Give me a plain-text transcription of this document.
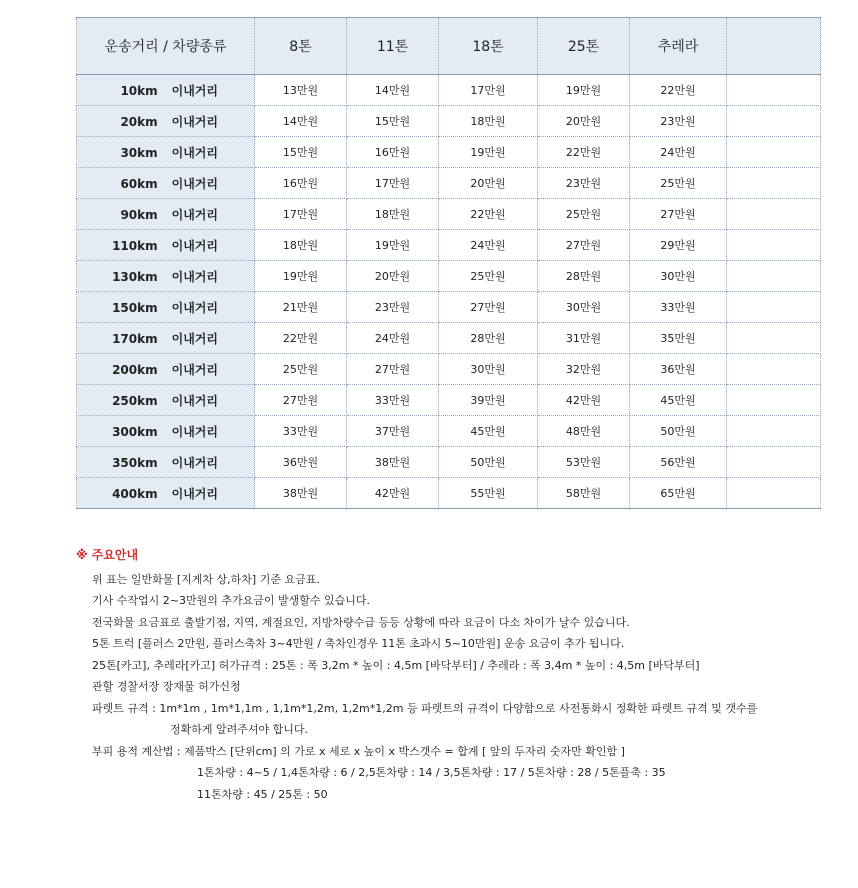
운송거리 / 차량종류	8톤	11톤	18톤	25톤	추레라	
10km 이내거리	13만원	14만원	17만원	19만원	22만원	
20km 이내거리	14만원	15만원	18만원	20만원	23만원	
30km 이내거리	15만원	16만원	19만원	22만원	24만원	
60km 이내거리	16만원	17만원	20만원	23만원	25만원	
90km 이내거리	17만원	18만원	22만원	25만원	27만원	
110km 이내거리	18만원	19만원	24만원	27만원	29만원	
130km 이내거리	19만원	20만원	25만원	28만원	30만원	
150km 이내거리	21만원	23만원	27만원	30만원	33만원	
170km 이내거리	22만원	24만원	28만원	31만원	35만원	
200km 이내거리	25만원	27만원	30만원	32만원	36만원	
250km 이내거리	27만원	33만원	39만원	42만원	45만원	
300km 이내거리	33만원	37만원	45만원	48만원	50만원	
350km 이내거리	36만원	38만원	50만원	53만원	56만원	
400km 이내거리	38만원	42만원	55만원	58만원	65만원	
※ 주요안내
위 표는 일반화물 [지게차 상,하차] 기준 요금표.
기사 수작업시 2~3만원의 추가요금이 발생할수 있습니다.
전국화물 요금표로 출발기점, 지역, 계절요인, 지방차량수급 등등 상황에 따라 요금이 다소 차이가 날수 있습니다.
5톤 트럭 [플러스 2만원, 플러스축차 3~4만원 / 축차인경우 11톤 초과시 5~10만원] 운송 요금이 추가 됩니다.
25톤[카고], 추레라[카고] 허가규격 : 25톤 : 폭 3,2m * 높이 : 4,5m [바닥부터] / 추레라 : 폭 3,4m * 높이 : 4,5m [바닥부터]
관할 경찰서장 장재물 허가신청
파렛트 규격 : 1m*1m , 1m*1,1m , 1,1m*1,2m, 1,2m*1,2m 등 파렛트의 규격이 다양함으로 사전통화시 정확한 파렛트 규격 및 갯수를
정확하게 알려주셔야 합니다.
부피 용적 계산법 : 제품박스 [단위cm] 의 가로 x 세로 x 높이 x 박스갯수 = 합계 [ 앞의 두자리 숫자만 확인함 ]
1톤차량 : 4~5 / 1,4톤차량 : 6 / 2,5톤차량 : 14 / 3,5톤차량 : 17 / 5톤차량 : 28 / 5톤플축 : 35
11톤차량 : 45 / 25톤 : 50
